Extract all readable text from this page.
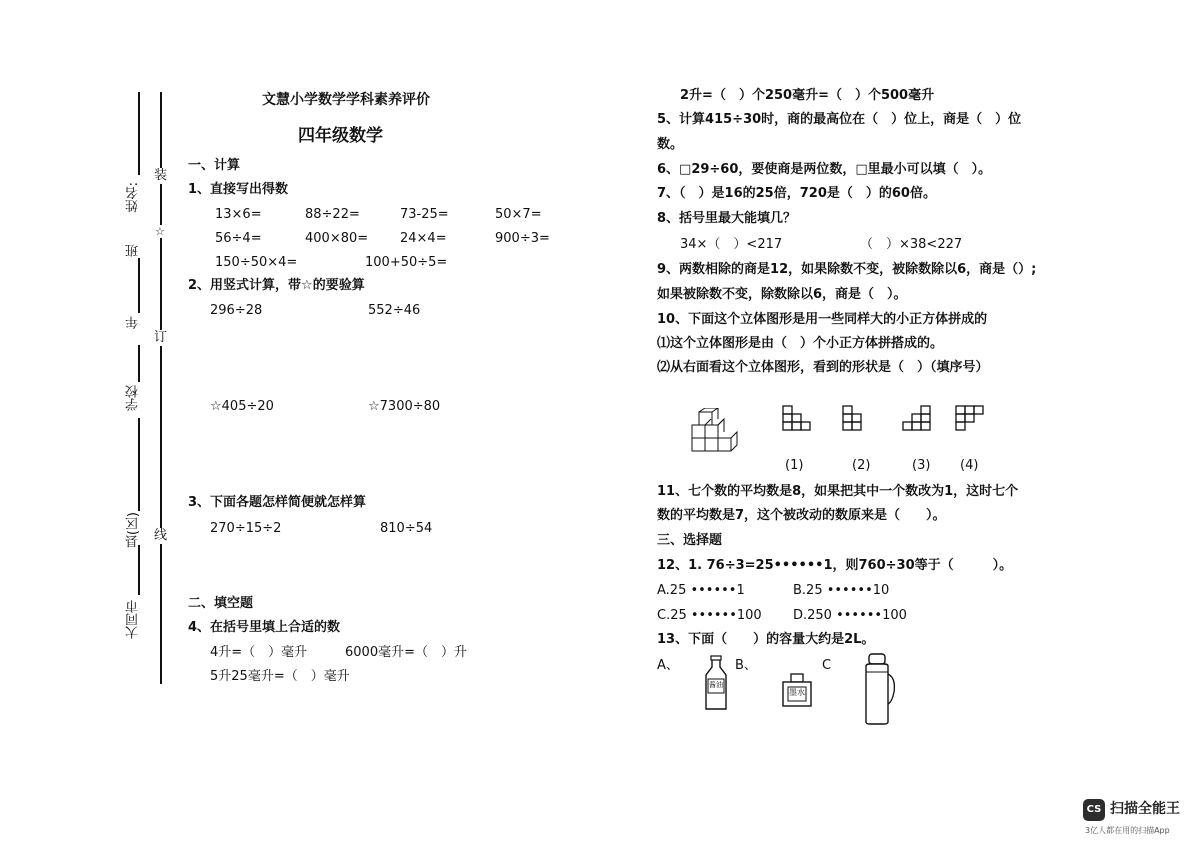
大同市
县(区)
学校
年
班
姓名:
装
订
线
☆
文慧小学数学学科素养评价
四年级数学
一、计算
1、直接写出得数
13×6=	88÷22=	73-25=	50×7=
56÷4=	400×80= 24×4=	900÷3=
150÷50×4=	100+50÷5=
2、用竖式计算，带☆的要验算
296÷28	552÷46
☆405÷20	☆7300÷80
3、下面各题怎样简便就怎样算
270÷15÷2	810÷54
二、填空题
4、在括号里填上合适的数
4升=（　）毫升	6000毫升=（　）升
5升25毫升=（　）毫升
2升=（　）个250毫升=（　）个500毫升
5、计算415÷30时，商的最高位在（　）位上，商是（　）位
数。
6、□29÷60，要使商是两位数，□里最小可以填（　）。
7、（　）是16的25倍，720是（　）的60倍。
8、括号里最大能填几？
34×（　）<217	（　）×38<227
9、两数相除的商是12，如果除数不变，被除数除以6，商是（）;
如果被除数不变，除数除以6，商是（　）。
10、下面这个立体图形是用一些同样大的小正方体拼成的
⑴这个立体图形是由（　）个小正方体拼搭成的。
⑵从右面看这个立体图形，看到的形状是（　）（填序号）
(1)	(2)	(3) (4)
11、七个数的平均数是8，如果把其中一个数改为1，这时七个
数的平均数是7，这个被改动的数原来是（　　）。
三、选择题
12、1. 76÷3=25••••••1，则760÷30等于（　　　）。
A.25 ••••••1	B.25 ••••••10
C.25 ••••••100 D.250 ••••••100
13、下面（　　）的容量大约是2L。
A、	B、	C
酱油
墨水
CS 扫描全能王
3亿人都在用的扫描App
